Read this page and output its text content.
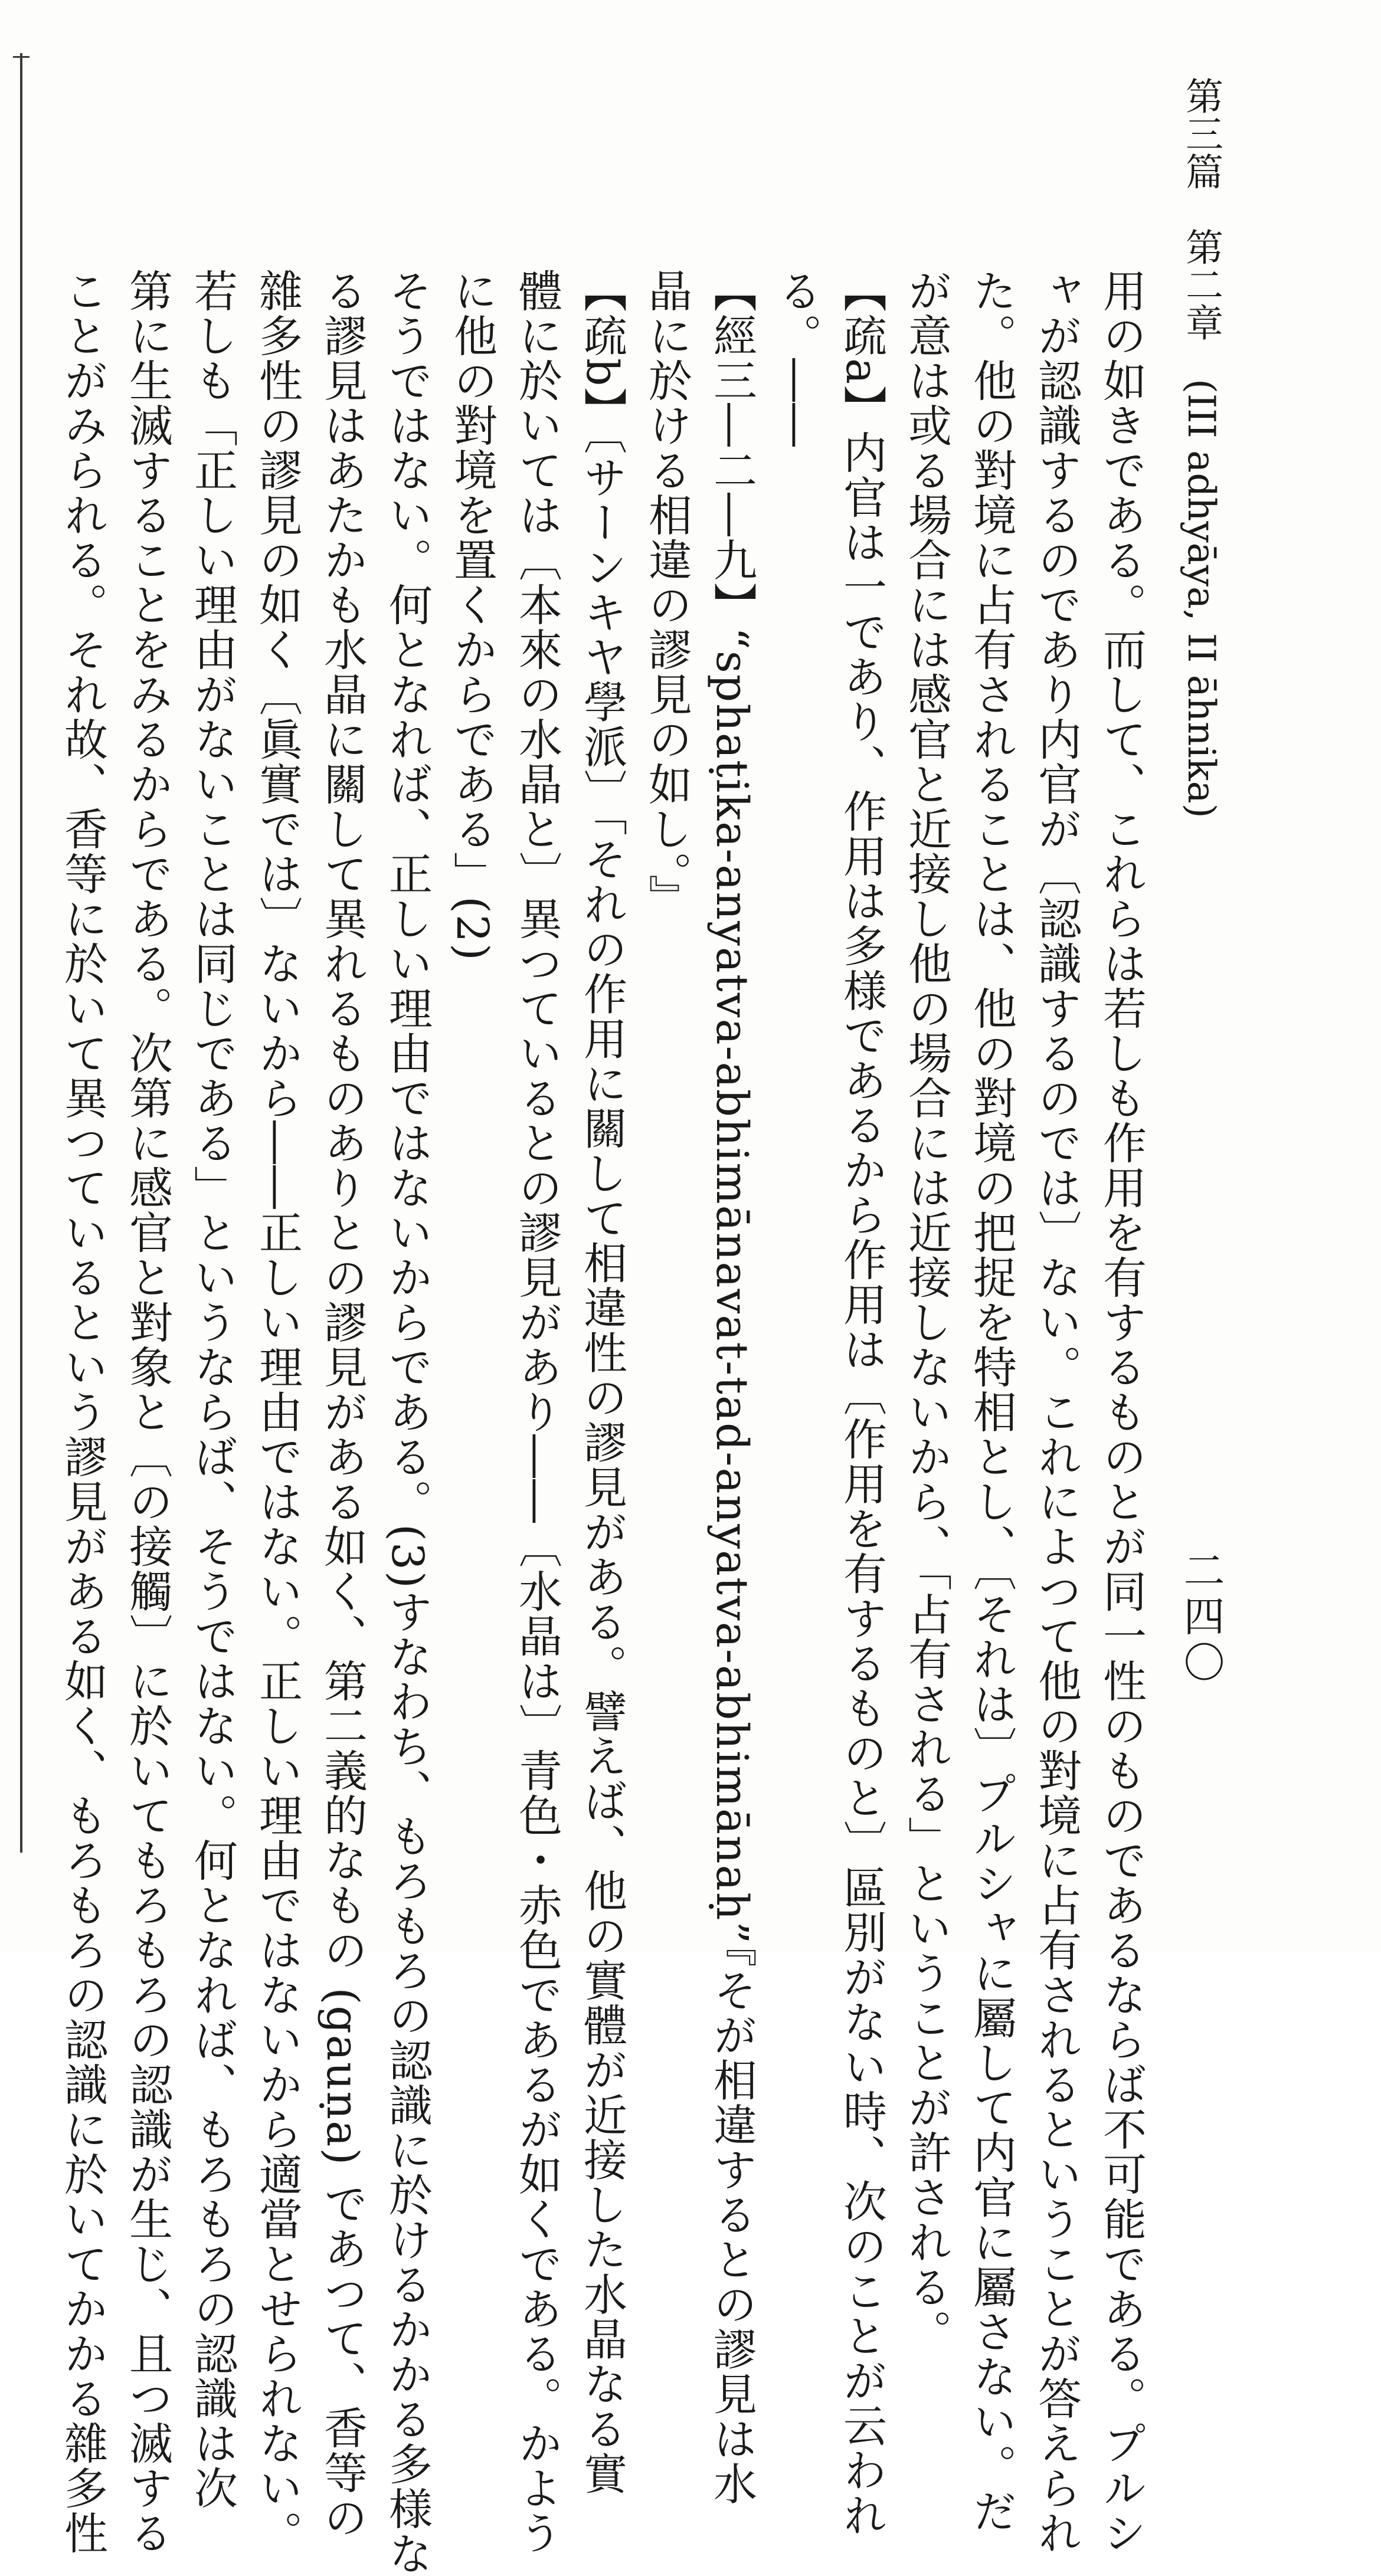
第三篇　第二章　(III adhyāya, II āhnika)
二四〇
用の如きである。而して、これらは若しも作用を有するものとが同一性のものであるならば不可能である。プルシ
ャが認識するのであり内官が〔認識するのでは〕ない。これによつて他の對境に占有されるということが答えられ
た。他の對境に占有されることは、他の對境の把捉を特相とし、〔それは〕プルシャに屬して内官に屬さない。だ
が意は或る場合には感官と近接し他の場合には近接しないから、「占有される」ということが許される。
【疏a】内官は一であり、作用は多様であるから作用は〔作用を有するものと〕區別がない時、次のことが云われ
る。――
【經三―二―九】“sphaṭika-anyatva-abhimānavat-tad-anyatva-abhimānaḥ”『そが相違するとの謬見は水
晶に於ける相違の謬見の如し。』
【疏b】〔サーンキヤ學派〕「それの作用に關して相違性の謬見がある。譬えば、他の實體が近接した水晶なる實
體に於いては〔本來の水晶と〕異つているとの謬見があり――〔水晶は〕青色・赤色であるが如くである。かよう
に他の對境を置くからである」(2)
そうではない。何となれば、正しい理由ではないからである。(3)すなわち、もろもろの認識に於けるかかる多様な
る謬見はあたかも水晶に關して異れるものありとの謬見がある如く、第二義的なもの (gauṇa) であつて、香等の
雜多性の謬見の如く〔眞實では〕ないから――正しい理由ではない。正しい理由ではないから適當とせられない。
若しも「正しい理由がないことは同じである」というならば、そうではない。何となれば、もろもろの認識は次
第に生滅することをみるからである。次第に感官と對象と〔の接觸〕に於いてもろもろの認識が生じ、且つ滅する
ことがみられる。それ故、香等に於いて異つているという謬見がある如く、もろもろの認識に於いてかかる雜多性
